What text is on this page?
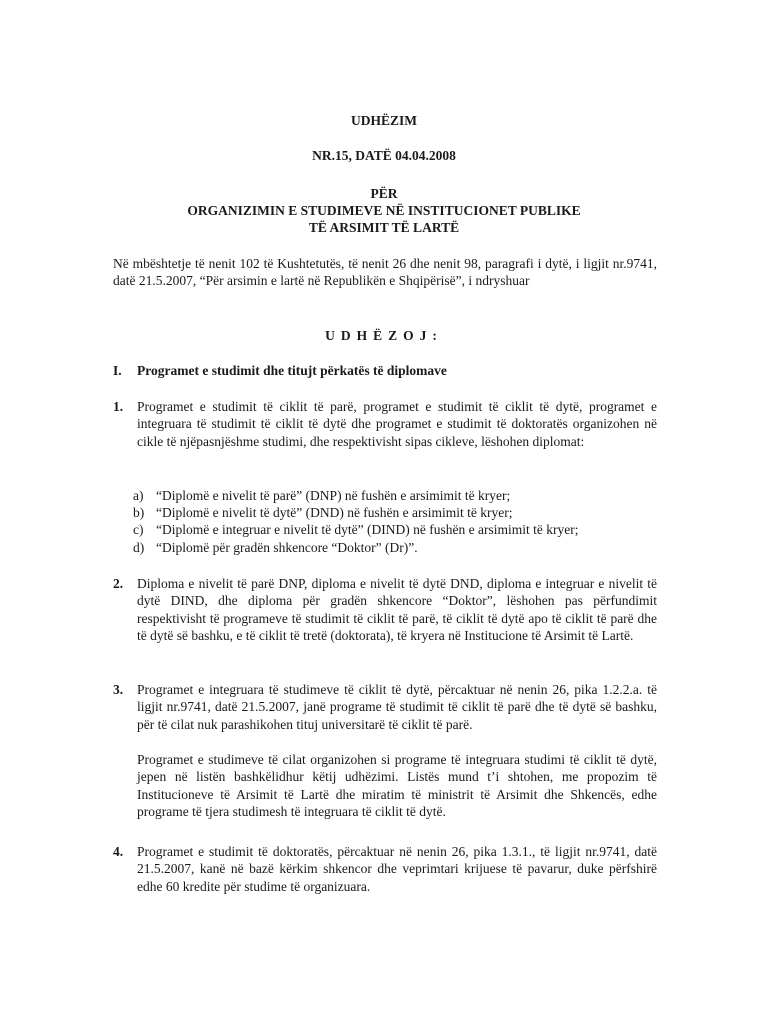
UDHËZIM
NR.15, DATË 04.04.2008
PËR
ORGANIZIMIN E STUDIMEVE NË INSTITUCIONET PUBLIKE
TË ARSIMIT TË LARTË
Në mbështetje të nenit 102 të Kushtetutës, të nenit 26 dhe nenit 98, paragrafi i dytë, i ligjit nr.9741, datë 21.5.2007, “Për arsimin e lartë në Republikën e Shqipërisë”, i ndryshuar
UDHËZOJ:
I. Programet e studimit dhe titujt përkatës të diplomave
1. Programet e studimit të ciklit të parë, programet e studimit të ciklit të dytë, programet e integruara të studimit të ciklit të dytë dhe programet e studimit të doktoratës organizohen në cikle të njëpasnjëshme studimi, dhe respektivisht sipas cikleve, lëshohen diplomat:
a) “Diplomë e nivelit të parë” (DNP) në fushën e arsimimit të kryer;
b) “Diplomë e nivelit të dytë” (DND) në fushën e arsimimit të kryer;
c) “Diplomë e integruar e nivelit të dytë” (DIND) në fushën e arsimimit të kryer;
d) “Diplomë për gradën shkencore “Doktor” (Dr)”.
2. Diploma e nivelit të parë DNP, diploma e nivelit të dytë DND, diploma e integruar e nivelit të dytë DIND, dhe diploma për gradën shkencore “Doktor”, lëshohen pas përfundimit respektivisht të programeve të studimit të ciklit të parë, të ciklit të dytë apo të ciklit të parë dhe të dytë së bashku, e të ciklit të tretë (doktorata), të kryera në Institucione të Arsimit të Lartë.
3. Programet e integruara të studimeve të ciklit të dytë, përcaktuar në nenin 26, pika 1.2.2.a. të ligjit nr.9741, datë 21.5.2007, janë programe të studimit të ciklit të parë dhe të dytë së bashku, për të cilat nuk parashikohen tituj universitarë të ciklit të parë.
Programet e studimeve të cilat organizohen si programe të integruara studimi të ciklit të dytë, jepen në listën bashkëlidhur këtij udhëzimi. Listës mund t’i shtohen, me propozim të Institucioneve të Arsimit të Lartë dhe miratim të ministrit të Arsimit dhe Shkencës, edhe programe të tjera studimesh të integruara të ciklit të dytë.
4. Programet e studimit të doktoratës, përcaktuar në nenin 26, pika 1.3.1., të ligjit nr.9741, datë 21.5.2007, kanë në bazë kërkim shkencor dhe veprimtari krijuese të pavarur, duke përfshirë edhe 60 kredite për studime të organizuara.
